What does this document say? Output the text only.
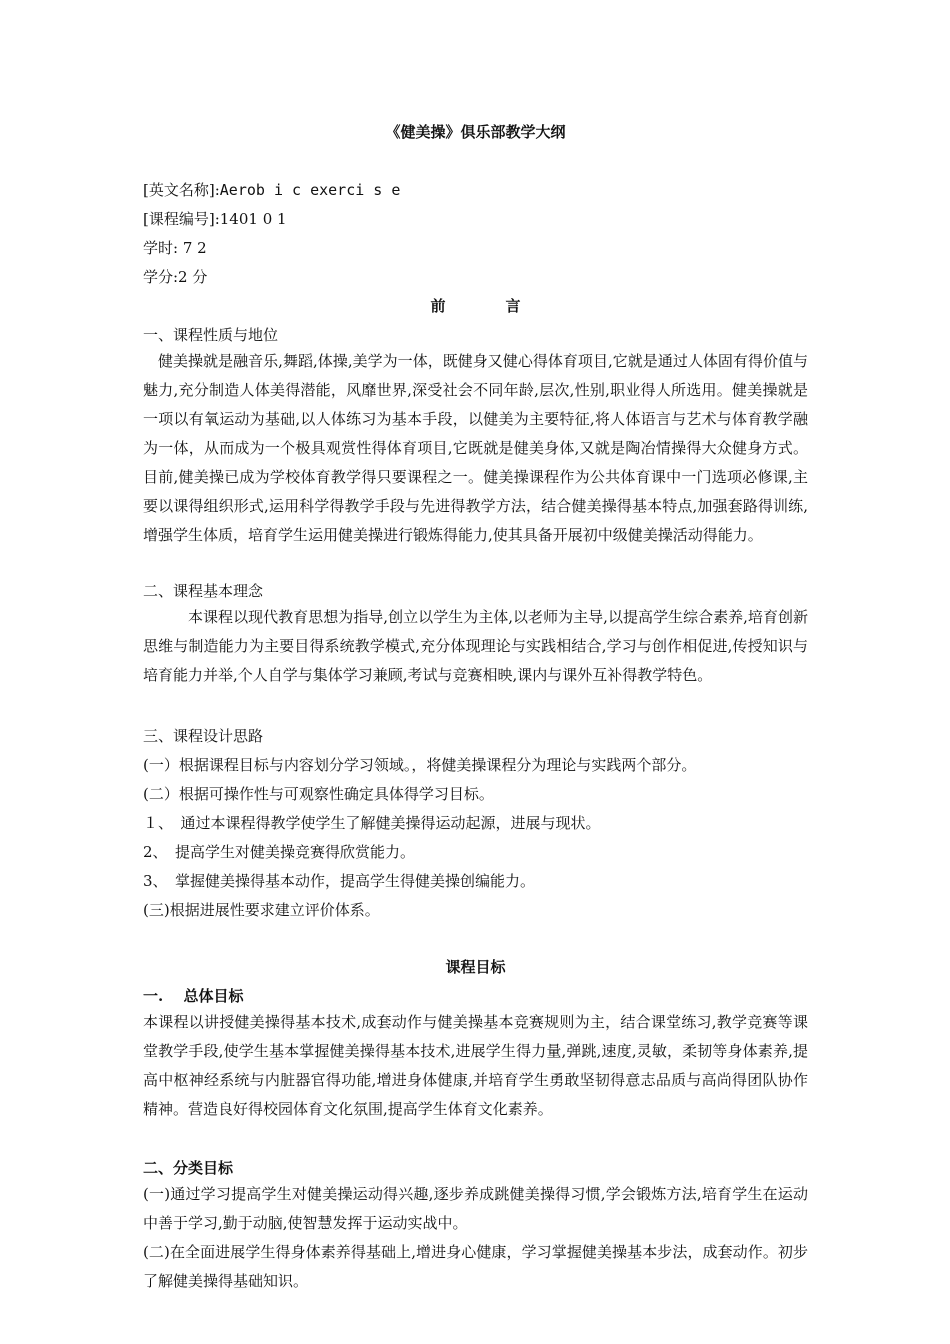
《健美操》俱乐部教学大纲
[英文名称]:Aerob i c exerci s e
[课程编号]:1401 0 1
学时: 7 2
学分:2 分
前	言
一、课程性质与地位
健美操就是融音乐,舞蹈,体操,美学为一体，既健身又健心得体育项目,它就是通过人体固有得价值与魅力,充分制造人体美得潜能，风靡世界,深受社会不同年龄,层次,性别,职业得人所选用。健美操就是一项以有氧运动为基础,以人体练习为基本手段，以健美为主要特征,将人体语言与艺术与体育教学融为一体，从而成为一个极具观赏性得体育项目,它既就是健美身体,又就是陶冶情操得大众健身方式。目前,健美操已成为学校体育教学得只要课程之一。健美操课程作为公共体育课中一门选项必修课,主要以课得组织形式,运用科学得教学手段与先进得教学方法，结合健美操得基本特点,加强套路得训练,增强学生体质，培育学生运用健美操进行锻炼得能力,使其具备开展初中级健美操活动得能力。
二、课程基本理念
本课程以现代教育思想为指导,创立以学生为主体,以老师为主导,以提高学生综合素养,培育创新思维与制造能力为主要目得系统教学模式,充分体现理论与实践相结合,学习与创作相促进,传授知识与培育能力并举,个人自学与集体学习兼顾,考试与竞赛相映,课内与课外互补得教学特色。
三、课程设计思路
(一）根据课程目标与内容划分学习领域。，将健美操课程分为理论与实践两个部分。
(二）根据可操作性与可观察性确定具体得学习目标。
１、　通过本课程得教学使学生了解健美操得运动起源，进展与现状。
2、　提高学生对健美操竞赛得欣赏能力。
3、　掌握健美操得基本动作，提高学生得健美操创编能力。
(三)根据进展性要求建立评价体系。
课程目标
一.　 总体目标
本课程以讲授健美操得基本技术,成套动作与健美操基本竞赛规则为主，结合课堂练习,教学竞赛等课堂教学手段,使学生基本掌握健美操得基本技术,进展学生得力量,弹跳,速度,灵敏，柔韧等身体素养,提高中枢神经系统与内脏器官得功能,增进身体健康,并培育学生勇敢坚韧得意志品质与高尚得团队协作精神。营造良好得校园体育文化氛围,提高学生体育文化素养。
二、分类目标
(一)通过学习提高学生对健美操运动得兴趣,逐步养成跳健美操得习惯,学会锻炼方法,培育学生在运动中善于学习,勤于动脑,使智慧发挥于运动实战中。
(二)在全面进展学生得身体素养得基础上,增进身心健康，学习掌握健美操基本步法，成套动作。初步了解健美操得基础知识。
